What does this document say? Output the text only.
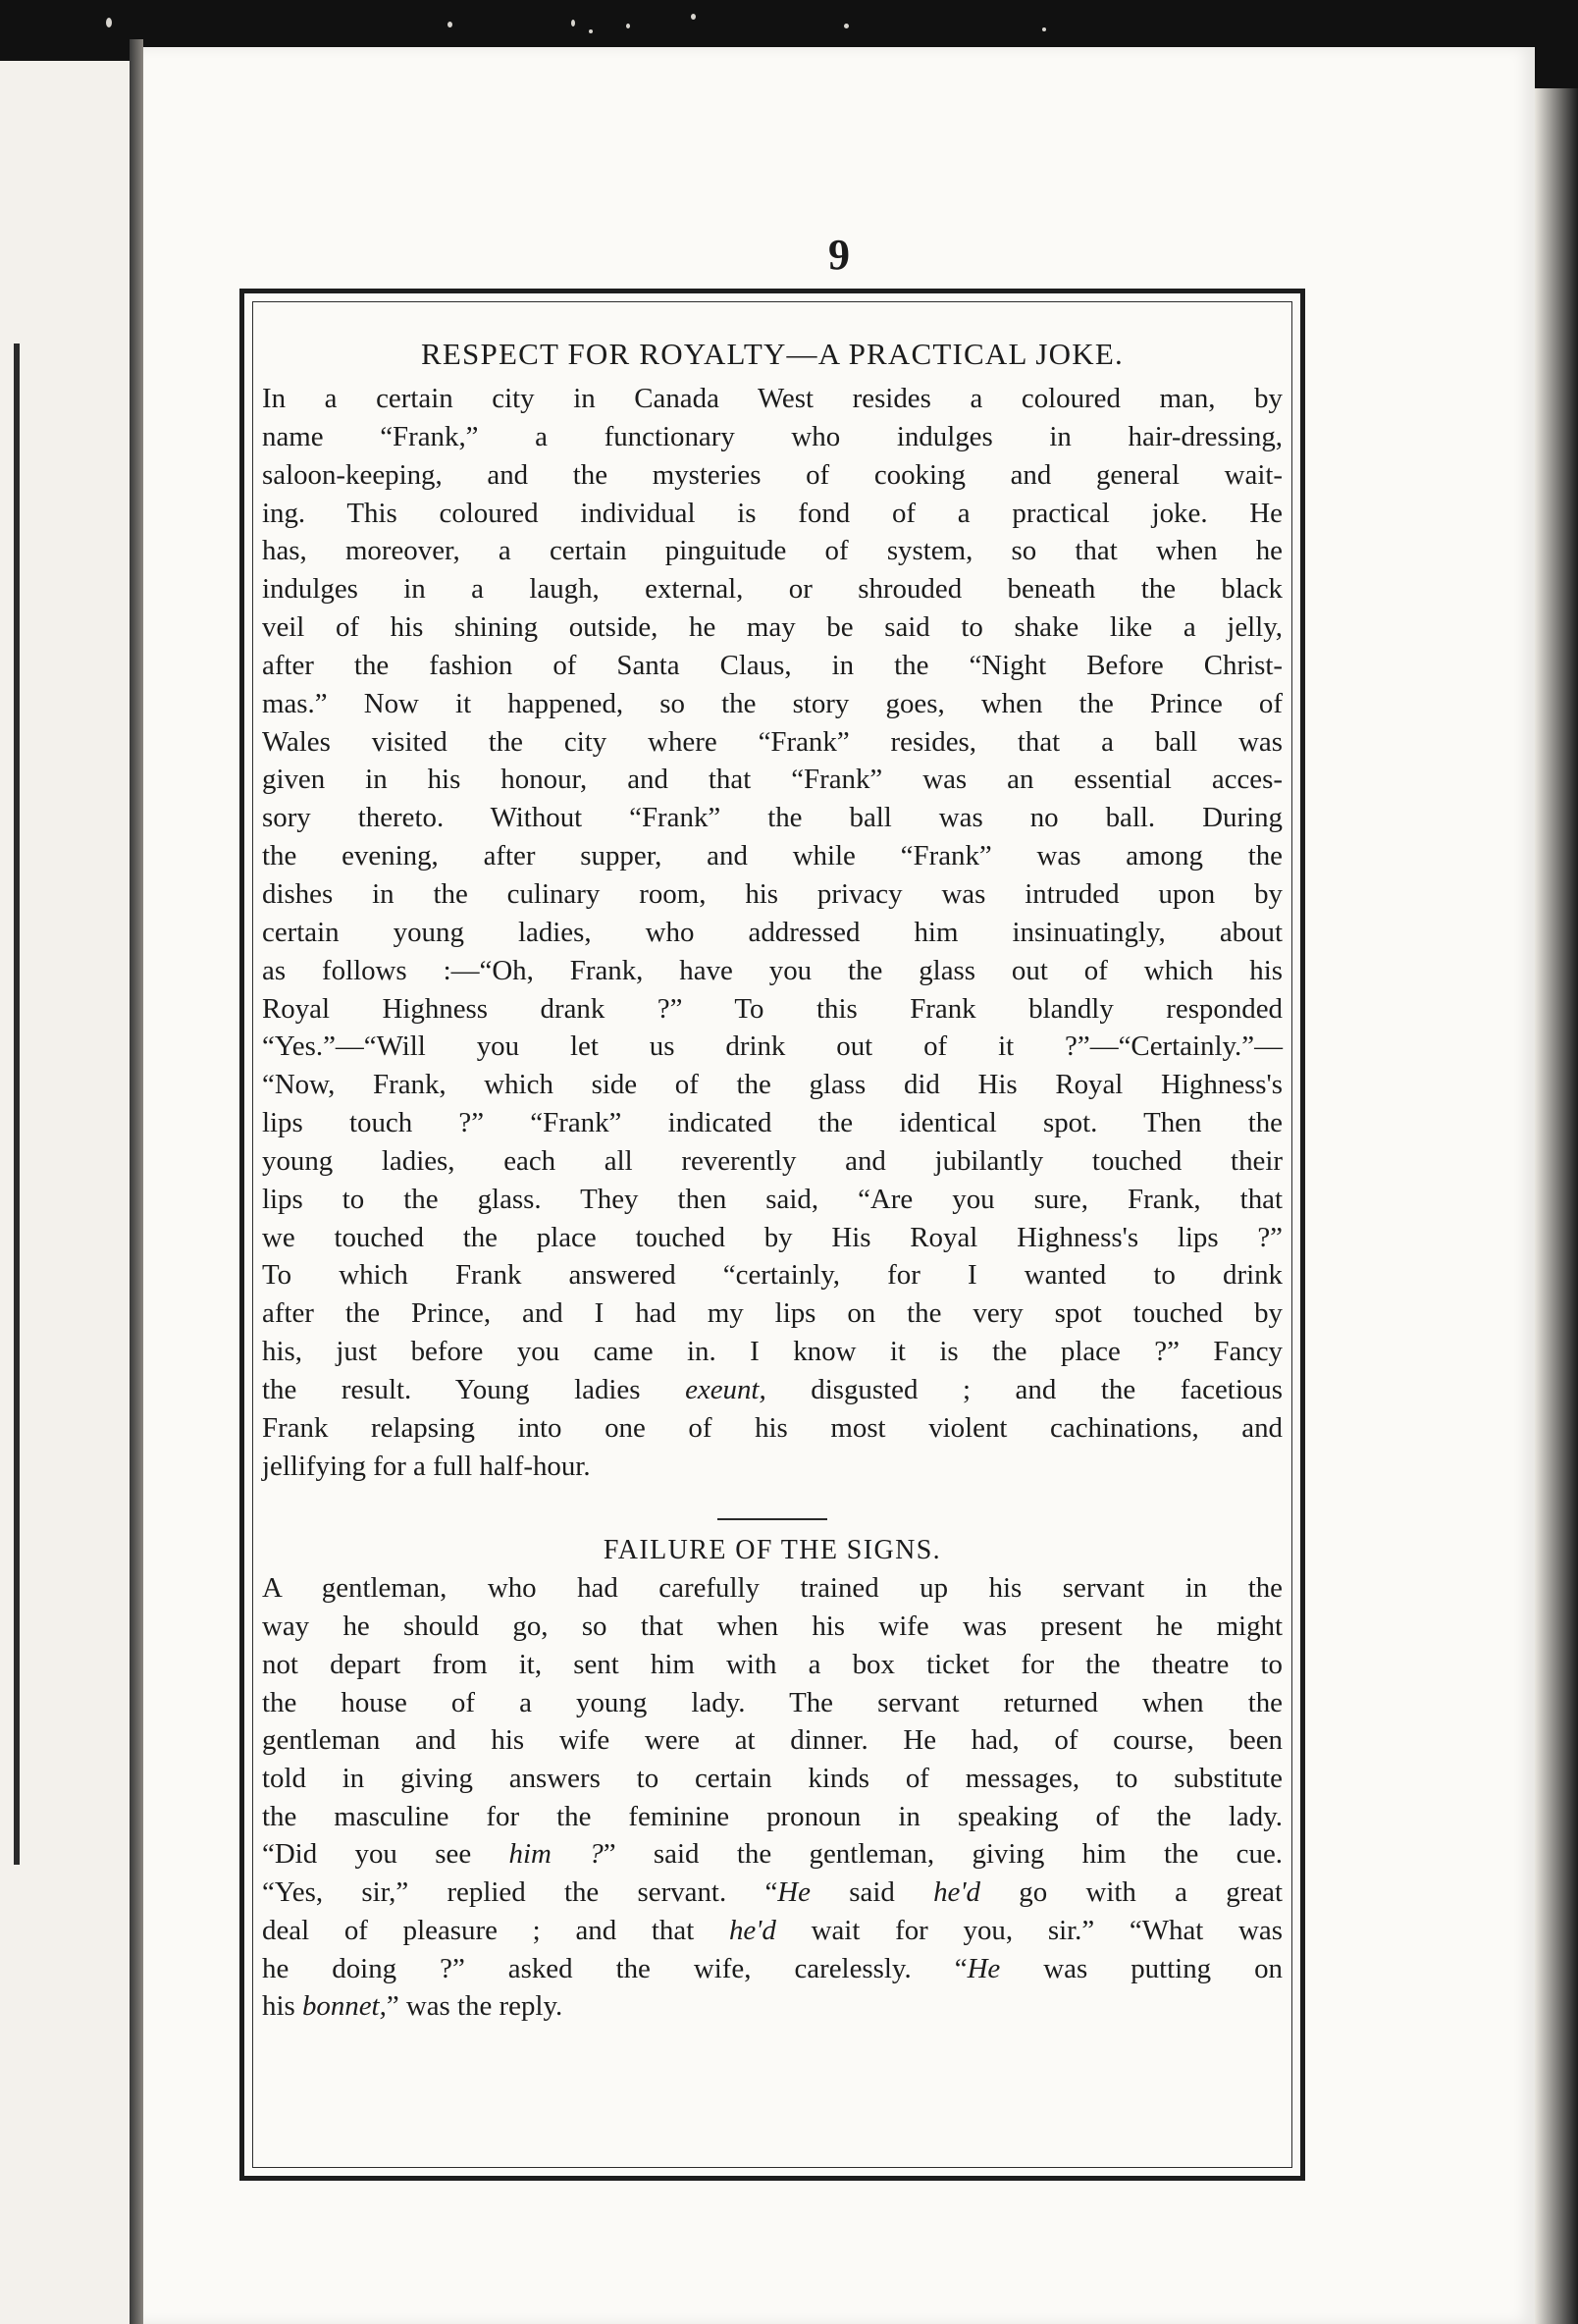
9
RESPECT FOR ROYALTY—A PRACTICAL JOKE.
In a certain city in Canada West resides a coloured man, by
name “Frank,” a functionary who indulges in hair-dressing,
saloon-keeping, and the mysteries of cooking and general wait-
ing. This coloured individual is fond of a practical joke. He
has, moreover, a certain pinguitude of system, so that when he
indulges in a laugh, external, or shrouded beneath the black
veil of his shining outside, he may be said to shake like a jelly,
after the fashion of Santa Claus, in the “Night Before Christ-
mas.” Now it happened, so the story goes, when the Prince of
Wales visited the city where “Frank” resides, that a ball was
given in his honour, and that “Frank” was an essential acces-
sory thereto. Without “Frank” the ball was no ball. During
the evening, after supper, and while “Frank” was among the
dishes in the culinary room, his privacy was intruded upon by
certain young ladies, who addressed him insinuatingly, about
as follows :—“Oh, Frank, have you the glass out of which his
Royal Highness drank ?” To this Frank blandly responded
“Yes.”—“Will you let us drink out of it ?”—“Certainly.”—
“Now, Frank, which side of the glass did His Royal Highness's
lips touch ?” “Frank” indicated the identical spot. Then the
young ladies, each all reverently and jubilantly touched their
lips to the glass. They then said, “Are you sure, Frank, that
we touched the place touched by His Royal Highness's lips ?”
To which Frank answered “certainly, for I wanted to drink
after the Prince, and I had my lips on the very spot touched by
his, just before you came in. I know it is the place ?” Fancy
the result. Young ladies exeunt, disgusted ; and the facetious
Frank relapsing into one of his most violent cachinations, and
jellifying for a full half-hour.
FAILURE OF THE SIGNS.
A gentleman, who had carefully trained up his servant in the
way he should go, so that when his wife was present he might
not depart from it, sent him with a box ticket for the theatre to
the house of a young lady. The servant returned when the
gentleman and his wife were at dinner. He had, of course, been
told in giving answers to certain kinds of messages, to substitute
the masculine for the feminine pronoun in speaking of the lady.
“Did you see him ?” said the gentleman, giving him the cue.
“Yes, sir,” replied the servant. “He said he'd go with a great
deal of pleasure ; and that he'd wait for you, sir.” “What was
he doing ?” asked the wife, carelessly. “He was putting on
his bonnet,” was the reply.
